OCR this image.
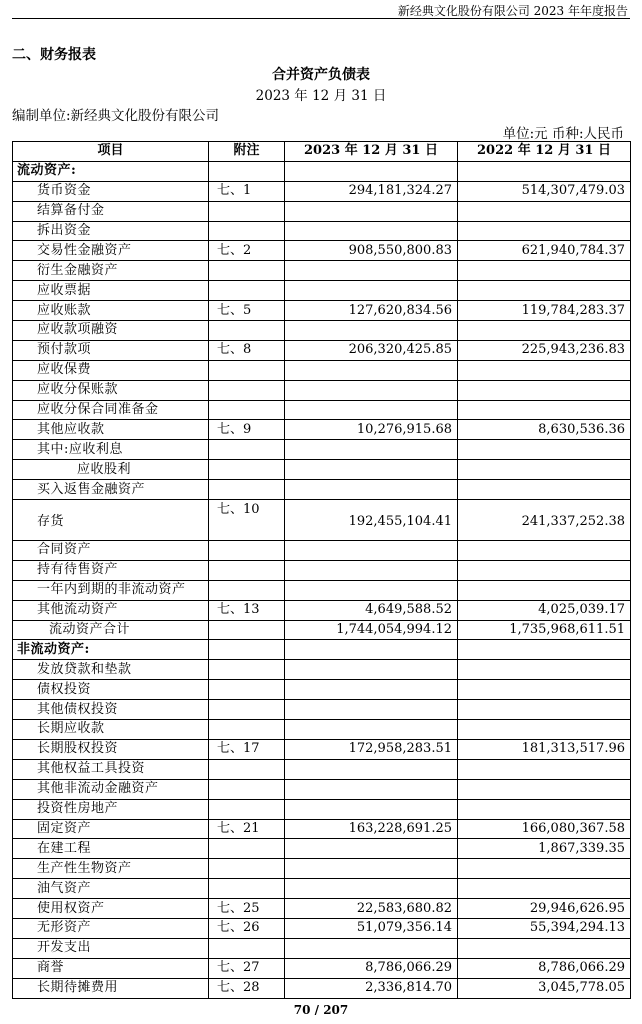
新经典文化股份有限公司 2023 年年度报告
二、财务报表
合并资产负债表
2023 年 12 月 31 日
编制单位:新经典文化股份有限公司
单位:元 币种:人民币
项目	附注	2023 年 12 月 31 日	2022 年 12 月 31 日
流动资产:			
货币资金	七、1	294,181,324.27	514,307,479.03
结算备付金			
拆出资金			
交易性金融资产	七、2	908,550,800.83	621,940,784.37
衍生金融资产			
应收票据			
应收账款	七、5	127,620,834.56	119,784,283.37
应收款项融资			
预付款项	七、8	206,320,425.85	225,943,236.83
应收保费			
应收分保账款			
应收分保合同准备金			
其他应收款	七、9	10,276,915.68	8,630,536.36
其中:应收利息			
应收股利			
买入返售金融资产			
存货	七、10	192,455,104.41	241,337,252.38
合同资产			
持有待售资产			
一年内到期的非流动资产			
其他流动资产	七、13	4,649,588.52	4,025,039.17
流动资产合计		1,744,054,994.12	1,735,968,611.51
非流动资产:			
发放贷款和垫款			
债权投资			
其他债权投资			
长期应收款			
长期股权投资	七、17	172,958,283.51	181,313,517.96
其他权益工具投资			
其他非流动金融资产			
投资性房地产			
固定资产	七、21	163,228,691.25	166,080,367.58
在建工程			1,867,339.35
生产性生物资产			
油气资产			
使用权资产	七、25	22,583,680.82	29,946,626.95
无形资产	七、26	51,079,356.14	55,394,294.13
开发支出			
商誉	七、27	8,786,066.29	8,786,066.29
长期待摊费用	七、28	2,336,814.70	3,045,778.05
70 / 207
